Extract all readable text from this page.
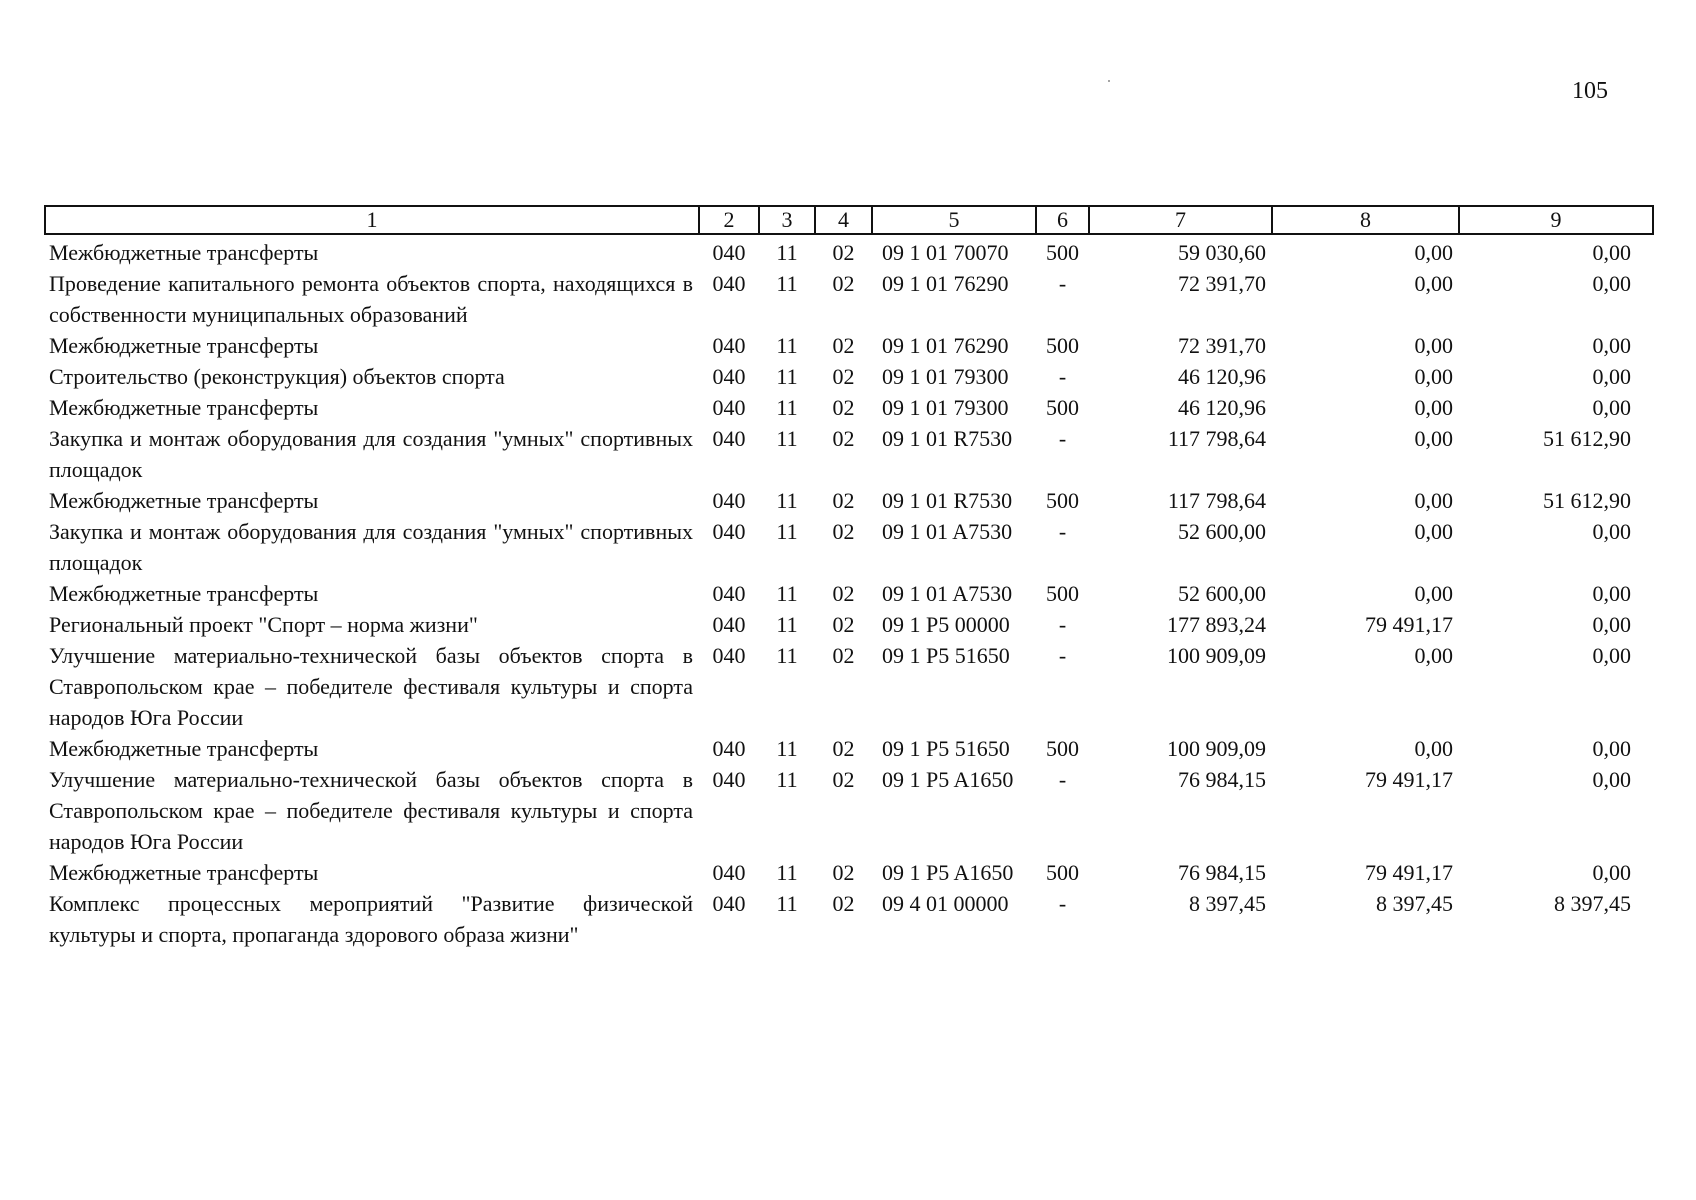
105
1	2	3	4	5	6	7	8	9
Межбюджетные трансферты	040	11	02	09 1 01 70070	500	59 030,60	0,00	0,00
Проведение капитального ремонта объектов спорта, находящихся в собственности муниципальных образований	040	11	02	09 1 01 76290	-	72 391,70	0,00	0,00
Межбюджетные трансферты	040	11	02	09 1 01 76290	500	72 391,70	0,00	0,00
Строительство (реконструкция) объектов спорта	040	11	02	09 1 01 79300	-	46 120,96	0,00	0,00
Межбюджетные трансферты	040	11	02	09 1 01 79300	500	46 120,96	0,00	0,00
Закупка и монтаж оборудования для создания "умных" спортивных площадок	040	11	02	09 1 01 R7530	-	117 798,64	0,00	51 612,90
Межбюджетные трансферты	040	11	02	09 1 01 R7530	500	117 798,64	0,00	51 612,90
Закупка и монтаж оборудования для создания "умных" спортивных площадок	040	11	02	09 1 01 A7530	-	52 600,00	0,00	0,00
Межбюджетные трансферты	040	11	02	09 1 01 A7530	500	52 600,00	0,00	0,00
Региональный проект "Спорт – норма жизни"	040	11	02	09 1 P5 00000	-	177 893,24	79 491,17	0,00
Улучшение материально-технической базы объектов спорта в Ставропольском крае – победителе фестиваля культуры и спорта народов Юга России	040	11	02	09 1 P5 51650	-	100 909,09	0,00	0,00
Межбюджетные трансферты	040	11	02	09 1 P5 51650	500	100 909,09	0,00	0,00
Улучшение материально-технической базы объектов спорта в Ставропольском крае – победителе фестиваля культуры и спорта народов Юга России	040	11	02	09 1 P5 A1650	-	76 984,15	79 491,17	0,00
Межбюджетные трансферты	040	11	02	09 1 P5 A1650	500	76 984,15	79 491,17	0,00
Комплекс процессных мероприятий "Развитие физической культуры и спорта, пропаганда здорового образа жизни"	040	11	02	09 4 01 00000	-	8 397,45	8 397,45	8 397,45
